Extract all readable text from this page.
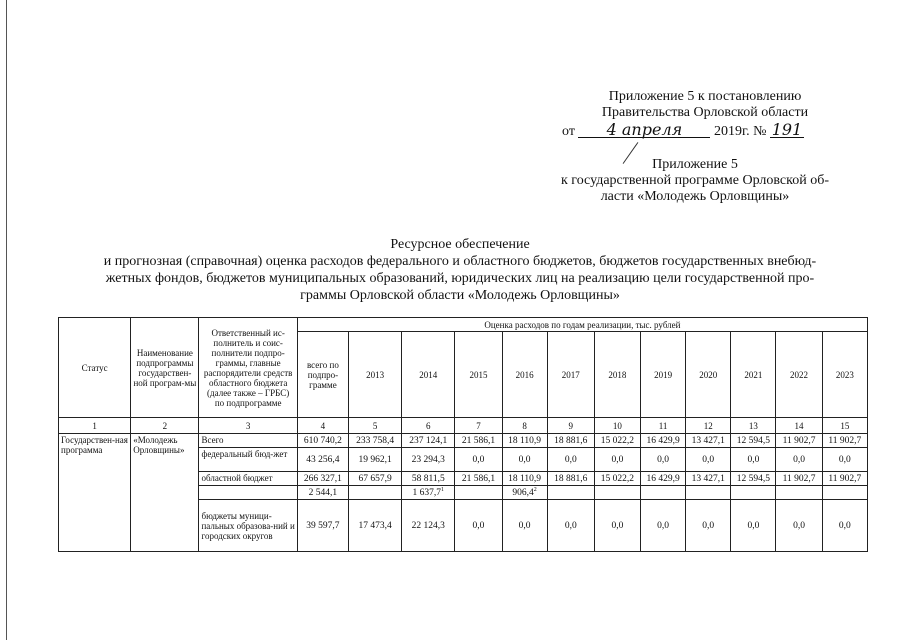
Приложение 5 к постановлению
Правительства Орловской области
от 4 апреля 2019г. № 191
Приложение 5
к государственной программе Орловской об-
ласти «Молодежь Орловщины»
Ресурсное обеспечение
и прогнозная (справочная) оценка расходов федерального и областного бюджетов, бюджетов государственных внебюд-
жетных фондов, бюджетов муниципальных образований, юридических лиц на реализацию цели государственной про-
граммы Орловской области «Молодежь Орловщины»
Статус	Наименование подпрограммы государствен-ной програм-мы	Ответственный ис-полнитель и соис-полнители подпро-граммы, главные распорядители средств областного бюджета (далее также – ГРБС) по подпрограмме	Оценка расходов по годам реализации, тыс. рублей											
			всего по подпро-грамме	2013	2014	2015	2016	2017	2018	2019	2020	2021	2022	2023
1	2	3	4	5	6	7	8	9	10	11	12	13	14	15
Государствен-ная программа	«Молодежь Орловщины»	Всего	610 740,2	233 758,4	237 124,1	21 586,1	18 110,9	18 881,6	15 022,2	16 429,9	13 427,1	12 594,5	11 902,7	11 902,7
		федеральный бюд-жет	43 256,4	19 962,1	23 294,3	0,0	0,0	0,0	0,0	0,0	0,0	0,0	0,0	0,0
		областной бюджет	266 327,1	67 657,9	58 811,5	21 586,1	18 110,9	18 881,6	15 022,2	16 429,9	13 427,1	12 594,5	11 902,7	11 902,7
			2 544,1		1 637,7$^1$		906,4$^2$							
		бюджеты муници-пальных образова-ний и городских округов	39 597,7	17 473,4	22 124,3	0,0	0,0	0,0	0,0	0,0	0,0	0,0	0,0	0,0
